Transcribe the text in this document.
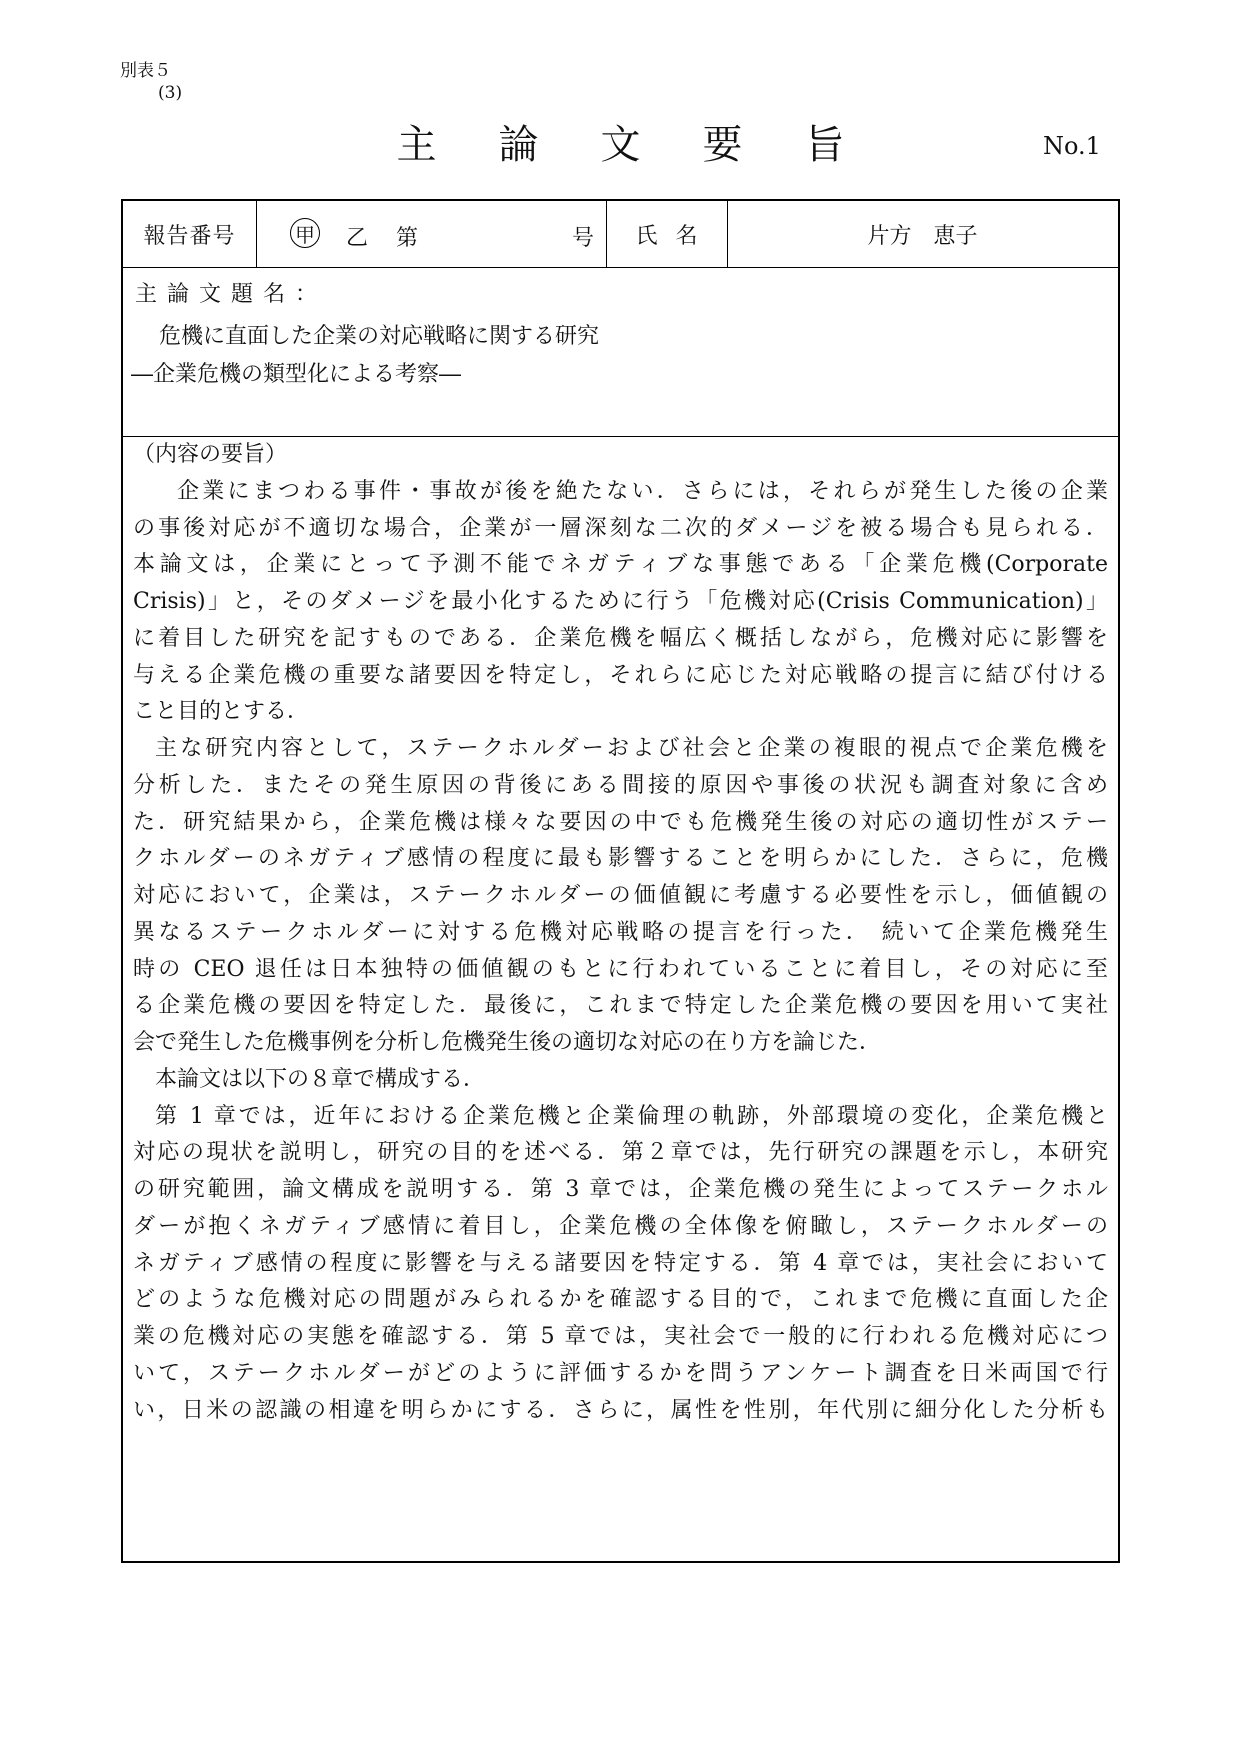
別表５
(3)
主論文要旨	No.1
報告番号	甲 乙 第	号	氏名	片方　恵子
主論文題名：
危機に直面した企業の対応戦略に関する研究
―企業危機の類型化による考察―
（内容の要旨）
企業にまつわる事件・事故が後を絶たない．さらには，それらが発生した後の企業
の事後対応が不適切な場合，企業が一層深刻な二次的ダメージを被る場合も見られる．
本論文は，企業にとって予測不能でネガティブな事態である「企業危機(Corporate
Crisis)」と，そのダメージを最小化するために行う「危機対応(Crisis Communication)」
に着目した研究を記すものである．企業危機を幅広く概括しながら，危機対応に影響を
与える企業危機の重要な諸要因を特定し，それらに応じた対応戦略の提言に結び付ける
こと目的とする．
主な研究内容として，ステークホルダーおよび社会と企業の複眼的視点で企業危機を
分析した．またその発生原因の背後にある間接的原因や事後の状況も調査対象に含め
た．研究結果から，企業危機は様々な要因の中でも危機発生後の対応の適切性がステー
クホルダーのネガティブ感情の程度に最も影響することを明らかにした．さらに，危機
対応において，企業は，ステークホルダーの価値観に考慮する必要性を示し，価値観の
異なるステークホルダーに対する危機対応戦略の提言を行った． 続いて企業危機発生
時の CEO 退任は日本独特の価値観のもとに行われていることに着目し，その対応に至
る企業危機の要因を特定した．最後に，これまで特定した企業危機の要因を用いて実社
会で発生した危機事例を分析し危機発生後の適切な対応の在り方を論じた．
本論文は以下の８章で構成する．
第 1 章では，近年における企業危機と企業倫理の軌跡，外部環境の変化，企業危機と
対応の現状を説明し，研究の目的を述べる．第２章では，先行研究の課題を示し，本研究
の研究範囲，論文構成を説明する．第 3 章では，企業危機の発生によってステークホル
ダーが抱くネガティブ感情に着目し，企業危機の全体像を俯瞰し，ステークホルダーの
ネガティブ感情の程度に影響を与える諸要因を特定する．第 4 章では，実社会において
どのような危機対応の問題がみられるかを確認する目的で，これまで危機に直面した企
業の危機対応の実態を確認する．第 5 章では，実社会で一般的に行われる危機対応につ
いて，ステークホルダーがどのように評価するかを問うアンケート調査を日米両国で行
い，日米の認識の相違を明らかにする．さらに，属性を性別，年代別に細分化した分析も
